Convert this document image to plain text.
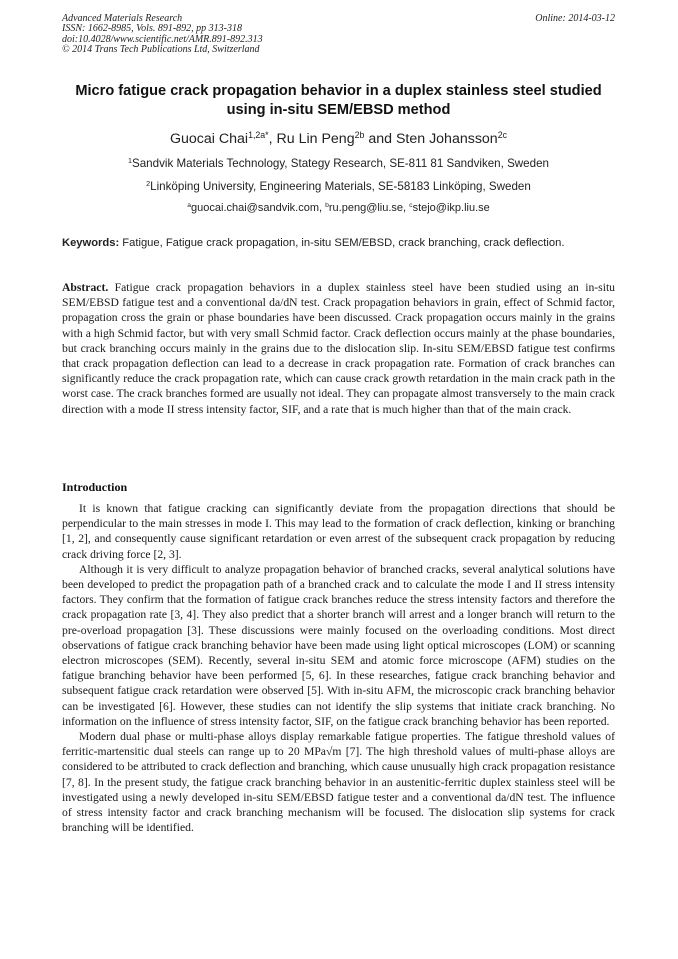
Advanced Materials Research
ISSN: 1662-8985, Vols. 891-892, pp 313-318
doi:10.4028/www.scientific.net/AMR.891-892.313
© 2014 Trans Tech Publications Ltd, Switzerland
Online: 2014-03-12
Micro fatigue crack propagation behavior in a duplex stainless steel studied using in-situ SEM/EBSD method
Guocai Chai$^{1,2a*}$, Ru Lin Peng$^{2b}$ and Sten Johansson$^{2c}$
$^1$Sandvik Materials Technology, Stategy Research, SE-811 81 Sandviken, Sweden
$^2$Linköping University, Engineering Materials, SE-58183 Linköping, Sweden
$^a$guocai.chai@sandvik.com, $^b$ru.peng@liu.se, $^c$stejo@ikp.liu.se
Keywords: Fatigue, Fatigue crack propagation, in-situ SEM/EBSD, crack branching, crack deflection.
Abstract. Fatigue crack propagation behaviors in a duplex stainless steel have been studied using an in-situ SEM/EBSD fatigue test and a conventional da/dN test. Crack propagation behaviors in grain, effect of Schmid factor, propagation cross the grain or phase boundaries have been discussed. Crack propagation occurs mainly in the grains with a high Schmid factor, but with very small Schmid factor. Crack deflection occurs mainly at the phase boundaries, but crack branching occurs mainly in the grains due to the dislocation slip. In-situ SEM/EBSD fatigue test confirms that crack propagation deflection can lead to a decrease in crack propagation rate. Formation of crack branches can significantly reduce the crack propagation rate, which can cause crack growth retardation in the main crack path in the worst case. The crack branches formed are usually not ideal. They can propagate almost transversely to the main crack direction with a mode II stress intensity factor, SIF, and a rate that is much higher than that of the main crack.
Introduction

It is known that fatigue cracking can significantly deviate from the propagation directions that should be perpendicular to the main stresses in mode I. This may lead to the formation of crack deflection, kinking or branching [1, 2], and consequently cause significant retardation or even arrest of the subsequent crack propagation by reducing crack driving force [2, 3].

Although it is very difficult to analyze propagation behavior of branched cracks, several analytical solutions have been developed to predict the propagation path of a branched crack and to calculate the mode I and II stress intensity factors. They confirm that the formation of fatigue crack branches reduce the stress intensity factors and therefore the crack propagation rate [3, 4]. They also predict that a shorter branch will arrest and a longer branch will return to the pre-overload propagation [3]. These discussions were mainly focused on the overloading conditions. Most direct observations of fatigue crack branching behavior have been made using light optical microscopes (LOM) or scanning electron microscopes (SEM). Recently, several in-situ SEM and atomic force microscope (AFM) studies on the fatigue branching behavior have been performed [5, 6]. In these researches, fatigue crack branching behavior and subsequent fatigue crack retardation were observed [5]. With in-situ AFM, the microscopic crack branching behavior can be investigated [6]. However, these studies can not identify the slip systems that initiate crack branching. No information on the influence of stress intensity factor, SIF, on the fatigue crack branching behavior has been reported.

Modern dual phase or multi-phase alloys display remarkable fatigue properties. The fatigue threshold values of ferritic-martensitic dual steels can range up to 20 MPa√m [7]. The high threshold values of multi-phase alloys are considered to be attributed to crack deflection and branching, which cause unusually high crack propagation resistance [7, 8]. In the present study, the fatigue crack branching behavior in an austenitic-ferritic duplex stainless steel will be investigated using a newly developed in-situ SEM/EBSD fatigue tester and a conventional da/dN test. The influence of stress intensity factor and crack branching mechanism will be focused. The dislocation slip systems for crack branching will be identified.
